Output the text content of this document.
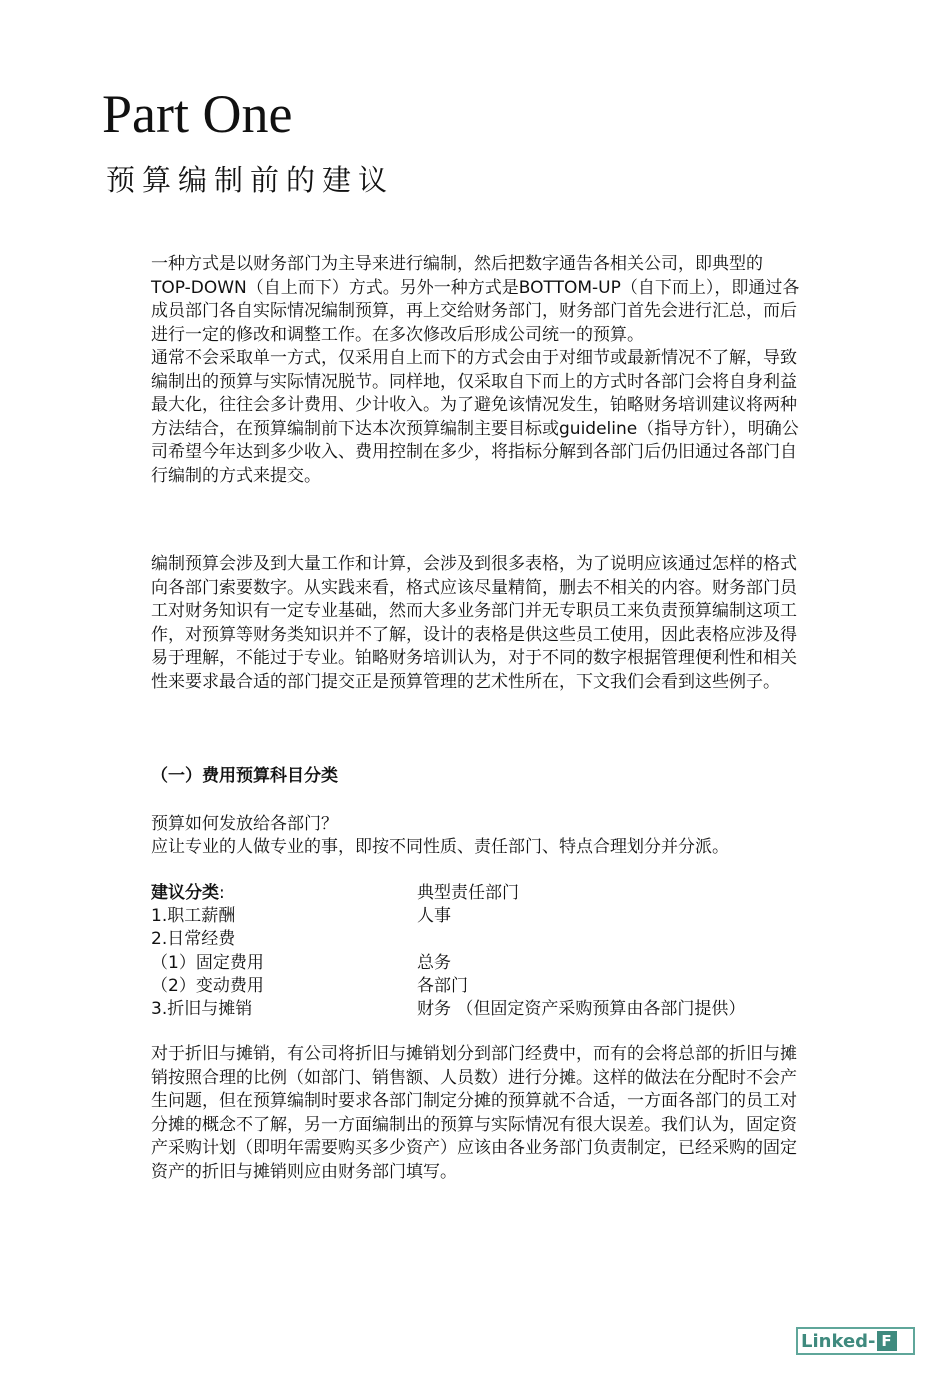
Part One
预算编制前的建议

一种方式是以财务部门为主导来进行编制，然后把数字通告各相关公司，即典型的TOP-DOWN（自上而下）方式。另外一种方式是BOTTOM-UP（自下而上），即通过各成员部门各自实际情况编制预算，再上交给财务部门，财务部门首先会进行汇总，而后进行一定的修改和调整工作。在多次修改后形成公司统一的预算。

通常不会采取单一方式，仅采用自上而下的方式会由于对细节或最新情况不了解，导致编制出的预算与实际情况脱节。同样地，仅采取自下而上的方式时各部门会将自身利益最大化，往往会多计费用、少计收入。为了避免该情况发生，铂略财务培训建议将两种方法结合，在预算编制前下达本次预算编制主要目标或guideline（指导方针），明确公司希望今年达到多少收入、费用控制在多少，将指标分解到各部门后仍旧通过各部门自行编制的方式来提交。

编制预算会涉及到大量工作和计算，会涉及到很多表格，为了说明应该通过怎样的格式向各部门索要数字。从实践来看，格式应该尽量精简，删去不相关的内容。财务部门员工对财务知识有一定专业基础，然而大多业务部门并无专职员工来负责预算编制这项工作，对预算等财务类知识并不了解，设计的表格是供这些员工使用，因此表格应涉及得易于理解，不能过于专业。铂略财务培训认为，对于不同的数字根据管理便利性和相关性来要求最合适的部门提交正是预算管理的艺术性所在，下文我们会看到这些例子。

（一）费用预算科目分类
预算如何发放给各部门？
应让专业的人做专业的事，即按不同性质、责任部门、特点合理划分并分派。
建议分类:	典型责任部门
1.职工薪酬	人事
2.日常经费
（1）固定费用	总务
（2）变动费用	各部门
3.折旧与摊销	财务 （但固定资产采购预算由各部门提供）

对于折旧与摊销，有公司将折旧与摊销划分到部门经费中，而有的会将总部的折旧与摊销按照合理的比例（如部门、销售额、人员数）进行分摊。这样的做法在分配时不会产生问题，但在预算编制时要求各部门制定分摊的预算就不合适，一方面各部门的员工对分摊的概念不了解，另一方面编制出的预算与实际情况有很大误差。我们认为，固定资产采购计划（即明年需要购买多少资产）应该由各业务部门负责制定，已经采购的固定资产的折旧与摊销则应由财务部门填写。

Linked- F
